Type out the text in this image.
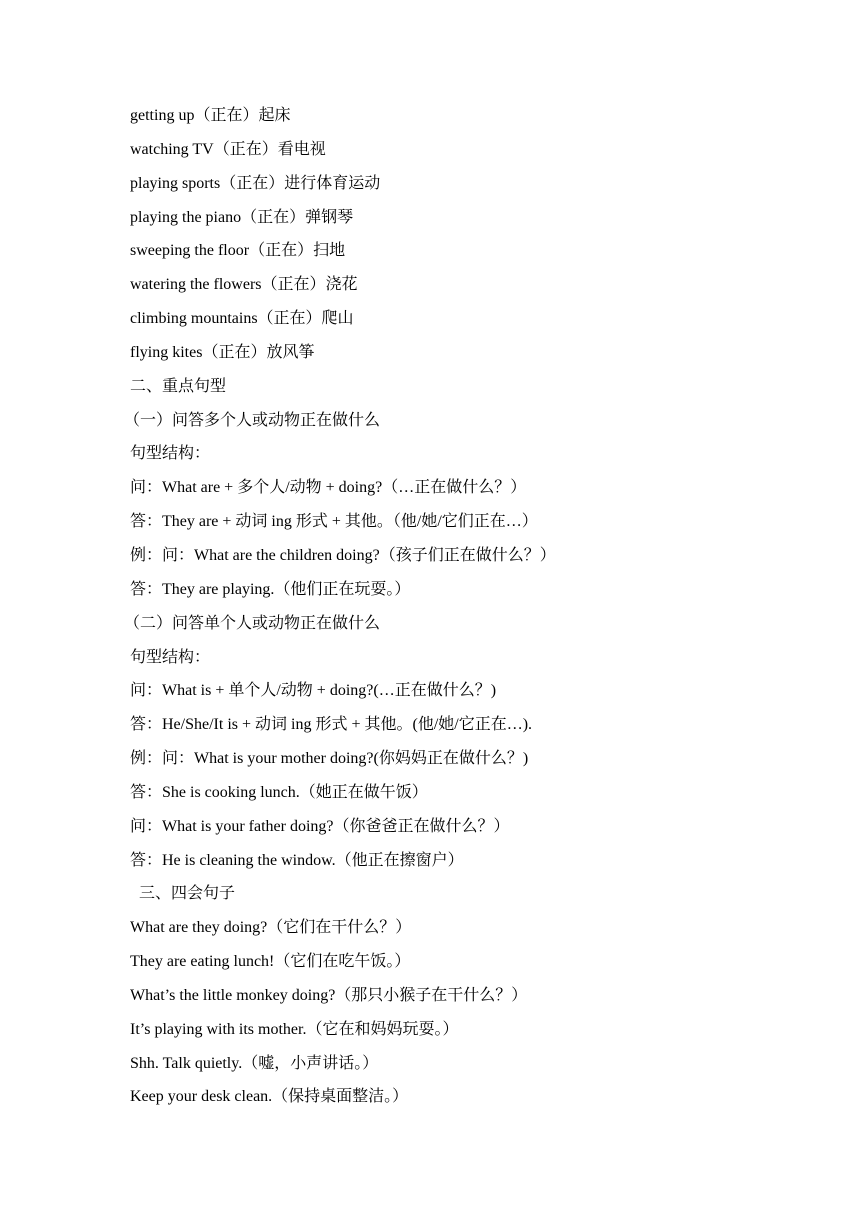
getting up（正在）起床
watching TV（正在）看电视
playing sports（正在）进行体育运动
playing the piano（正在）弹钢琴
sweeping the floor（正在）扫地
watering the flowers（正在）浇花
climbing mountains（正在）爬山
flying kites（正在）放风筝
二、重点句型
（一）问答多个人或动物正在做什么
句型结构：
问：What are + 多个人/动物 + doing?（…正在做什么？）
答：They are + 动词 ing 形式 + 其他。（他/她/它们正在…）
例：问：What are the children doing?（孩子们正在做什么？）
答：They are playing.（他们正在玩耍。）
（二）问答单个人或动物正在做什么
句型结构：
问：What is + 单个人/动物 + doing?(…正在做什么？)
答：He/She/It is + 动词 ing 形式 + 其他。(他/她/它正在…).
例：问：What is your mother doing?(你妈妈正在做什么？)
答：She is cooking lunch.（她正在做午饭）
问：What is your father doing?（你爸爸正在做什么？）
答：He is cleaning the window.（他正在擦窗户）
三、四会句子
What are they doing?（它们在干什么？）
They are eating lunch!（它们在吃午饭。）
What’s the little monkey doing?（那只小猴子在干什么？）
It’s playing with its mother.（它在和妈妈玩耍。）
Shh. Talk quietly.（嘘，小声讲话。）
Keep your desk clean.（保持桌面整洁。）
